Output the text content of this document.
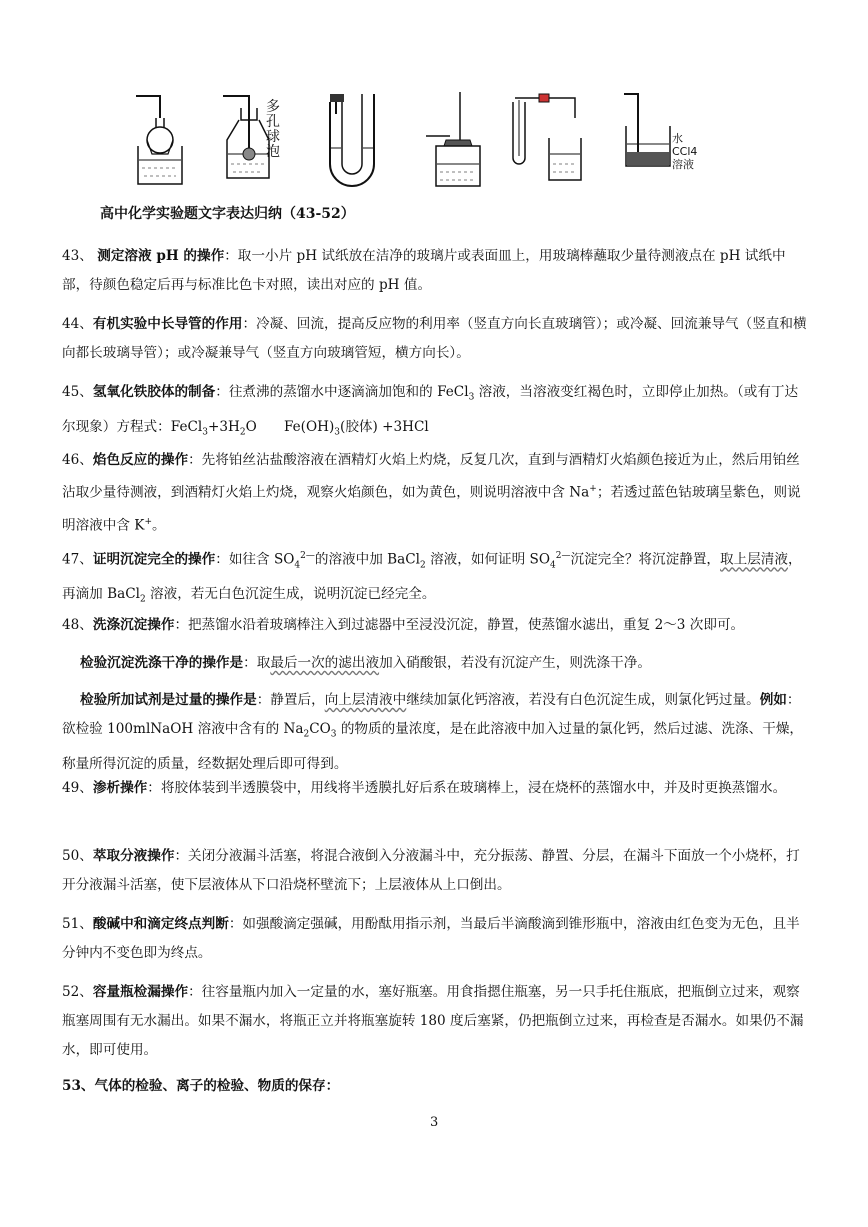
多孔球泡
水
CCl4
溶液
高中化学实验题文字表达归纳（43-52）
43、 测定溶液 pH 的操作：取一小片 pH 试纸放在洁净的玻璃片或表面皿上，用玻璃棒蘸取少量待测液点在 pH 试纸中部，待颜色稳定后再与标准比色卡对照，读出对应的 pH 值。
44、有机实验中长导管的作用：冷凝、回流，提高反应物的利用率（竖直方向长直玻璃管）；或冷凝、回流兼导气（竖直和横向都长玻璃导管）；或冷凝兼导气（竖直方向玻璃管短，横方向长）。
45、氢氧化铁胶体的制备：往煮沸的蒸馏水中逐滴滴加饱和的 FeCl$_3$ 溶液，当溶液变红褐色时，立即停止加热。（或有丁达尔现象）方程式：$FeCl_3+3H_2O$　　$Fe(OH)_3$(胶体) +3HCl
46、焰色反应的操作：先将铂丝沾盐酸溶液在酒精灯火焰上灼烧，反复几次，直到与酒精灯火焰颜色接近为止，然后用铂丝沾取少量待测液，到酒精灯火焰上灼烧，观察火焰颜色，如为黄色，则说明溶液中含 Na+；若透过蓝色钴玻璃呈紫色，则说明溶液中含 K+。
47、证明沉淀完全的操作：如往含 $SO_4^{2—}$的溶液中加 BaCl$_2$ 溶液，如何证明 $SO_4^{2—}$沉淀完全？将沉淀静置，取上层清液，再滴加 BaCl$_2$ 溶液，若无白色沉淀生成，说明沉淀已经完全。
48、洗涤沉淀操作：把蒸馏水沿着玻璃棒注入到过滤器中至浸没沉淀，静置，使蒸馏水滤出，重复 2～3 次即可。
检验沉淀洗涤干净的操作是：取最后一次的滤出液加入硝酸银，若没有沉淀产生，则洗涤干净。
检验所加试剂是过量的操作是：静置后，向上层清液中继续加氯化钙溶液，若没有白色沉淀生成，则氯化钙过量。例如：欲检验 100mlNaOH 溶液中含有的 $Na_2CO_3$ 的物质的量浓度，是在此溶液中加入过量的氯化钙，然后过滤、洗涤、干燥，称量所得沉淀的质量，经数据处理后即可得到。
49、渗析操作：将胶体装到半透膜袋中，用线将半透膜扎好后系在玻璃棒上，浸在烧杯的蒸馏水中，并及时更换蒸馏水。
50、萃取分液操作：关闭分液漏斗活塞，将混合液倒入分液漏斗中，充分振荡、静置、分层，在漏斗下面放一个小烧杯，打开分液漏斗活塞，使下层液体从下口沿烧杯壁流下；上层液体从上口倒出。
51、酸碱中和滴定终点判断：如强酸滴定强碱，用酚酞用指示剂，当最后半滴酸滴到锥形瓶中，溶液由红色变为无色，且半分钟内不变色即为终点。
52、容量瓶检漏操作：往容量瓶内加入一定量的水，塞好瓶塞。用食指摁住瓶塞，另一只手托住瓶底，把瓶倒立过来，观察瓶塞周围有无水漏出。如果不漏水，将瓶正立并将瓶塞旋转 180 度后塞紧，仍把瓶倒立过来，再检查是否漏水。如果仍不漏水，即可使用。
53、气体的检验、离子的检验、物质的保存：
3
